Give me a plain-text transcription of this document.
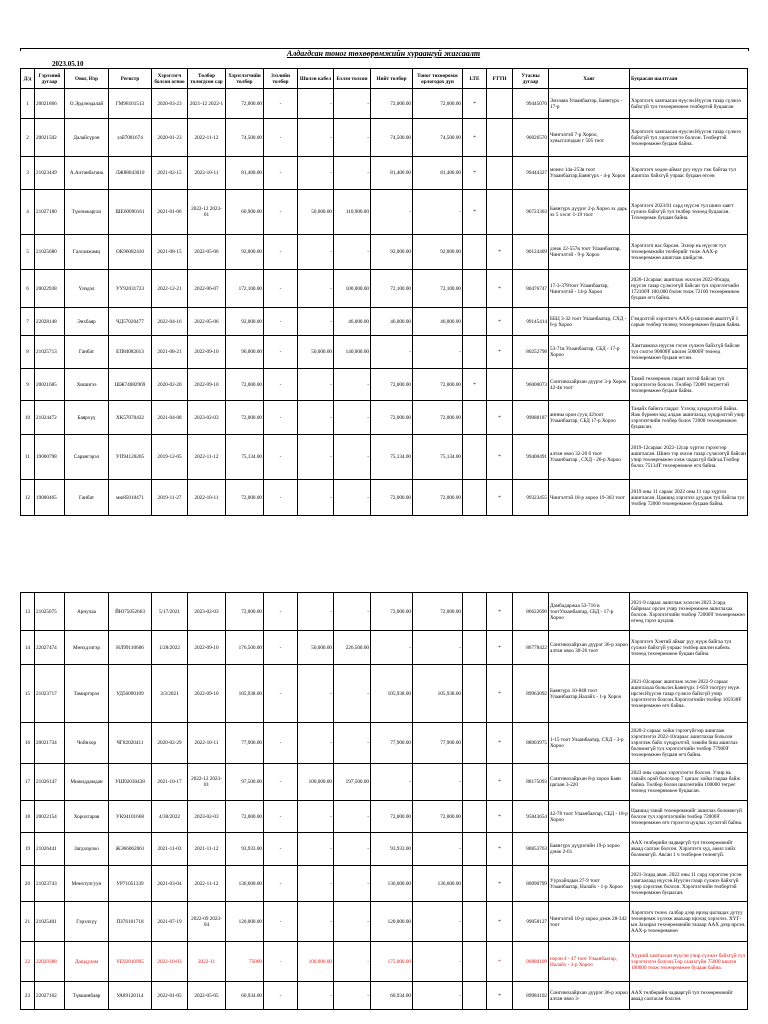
Алдагдсан тоног төхөөрөмжийн хураангуй жагсаалт
2023.05.10
Д/д	Гэрээний дугаар	Овог, Нэр	Регистр	Хэрэглэгч болсон огноо	Төлбөр төлөгдсөн сар	Хэрэглэгчийн төлбөр	Зээлийн төлбөр	Шилэн кабел	Бэлэн төлсөн	Нийт төлбөр	Тоног төхөөрөмж орлогодох дүн	LTE	FTTH	Утасны дугаар	Хаяг	Буцаасан шалтгаан
1	20021866	О.Эрдэнэдалай	ГМ98101513	2020-03-23	2021-12 2022-1	72,000.00	-	-	-	72,000.00	72,000.00	*		99445070	Энхзаяа Улаанбаатар, Баянгүрх - 17-р	Хэрэглэгч хамтаасан нүүсэн.Нүүсэн газар сүлжээ байхгүй тул төхөөрөмжөө төлбөртэй буцаасан
2	20021502	Далайсүрэн	хэй7081674	2020-01-23	2022-11-12	74,500.00	-	-	-	74,500.00	74,500.00	*		96026570	Чингэлтэй 7-р Хороо, хувьсгалчдын г 505 тоот	Хэрэглэгч хамтаасан нүүсэн.Нүүсэн газар сүлжээ байхгүй тул хэрэглээгээ болсон. Төлбөртэй төхөөрөмжөө буцаан байна.
3	21023449	А.Алтанбагана	ЛЖ88043010	2021-02-15	2022-10-11	81,400.00	-	-	-	81,400.00	81,400.00	*		99444327	монел 14а-253в тоот Улаанбаатар,Баянгүрх - 4-р Хороо	Хэрэглэгч хөдөө аймаг руу нүүх гэж байгаа тул ашиглах байхгүй учраас буцаан өгсөн
4	21027180	Түмэнжаргал	ШЕ60090161	2021-01-06	2022-12 2023-01	60,900.00	-	50,000.00	110,900.00	-	-	*		96723303	Баянгүрх дүүрэг 2-р Хороо эх дарь эх 5 хэсэг 1-19 тоот	Хэрэглэгч 2023/01 сард нүүсэн тул шинэ хаягт сүлжээ байхгүй тул төлбөр төлөөд буцаасан. Төхөөрөмж буцаан байна.
5	21025680	Галсанжамц	ОК96082410	2021-08-15	2022-05-06	92,000.00	-	-	-	92,000.00	92,000.00		*	90124409	дэнж 22-557в тоот Улаанбаатар, Чингэлтэй - 9-р Хороо	Хэрэглэгч нас барсан. Эхнэр нь нүүсэн тул төхөөрөмжийн төлбөрийг төлж ААХ-р төхөөрөмжөө ашиглаж шийдсэн.
6	20022938	Үнэдэл	УУ92031723	2022-12-21	2022-06-07	172,100.00	-	-	100,000.00	72,100.00	72,100.00		*	80476747	17-3-378тоот Улаанбаатар, Чингэлтэй - 14-р Хороо	2020-12сараас ашиглаж эхэлсэн 2022-06сард нүүсэн газар сүлжээгүй байсан тул хэрэглэгчийн 172100₮ 100,000 бэлэн төлж 72100 төхөөрөмжөө буцаан өгч байна.
7	22028148	Энхбаяр	ЧД57020477	2022-04-16	2022-05-06	92,000.00	-	-	46,000.00	46,000.00	46,000.00		*	99145414	ББЦ 3-32 тоот Улаанбаатар, СХД - 6-р Хороо	Гэмдолтэй хэрэглэгч ААХ-р шилжин авалтгүй 1 сарын төлбөр төлөөд төхөөрөмжөө буцаан байна.
8	21025713	Ганбат	ЕП84082013	2021-08-21	2022-09-10	90,000.00	-	50,000.00	140,000.00	-	-		*	80252798	53-71в Улаанбаатар, СБД - 17-р Хороо	Хамтаамаха нүүсэн гэсэн сүлжээ байхгүй байсан тул сэлгээ 90000₮ шилэн 50000₮ төлөөд төхөөрөмжөө буцаан өгсөн.
9	20021685	Хишигээ	ШЖ74082969	2020-02-20	2022-09-10	72,000.00	-	-	-	72,000.00	72,000.00	*		96000073	Сонгинохайрхан дүүрэг 3-р Хороо 42-4в тоот	Танай төхөөрөмж гацаат ихтэй байсан тул хэрэглээгээ болсон. Төлбөр 72000 төгрөгтэй төхөөрөмжөө буцаан байна.
10	21024472	Баярхүү	ХК57070432	2021-04-08	2023-02-03	72,000.00	-	-	-	72,000.00	72,000.00		*	99088187	аннны орон сууц 42тоот Улаанбаатар, СБД 17-р Хороо	Танайх байнга гацдаг. Үзэхэд хүндрэлтэй байна. Яаж бүрмөн код алдаж ашиглахад хүндрэлтэй учир хэрэглэгчийн төлбөр болох 72000 төхөөрөмжөө буцаасан.
11	19000798	Сарангэрэл	УП94120205	2019-12-05	2022-11-12	75,134.00	-	-	-	75,134.00	75,134.00		*	99400491	алтан овоо 32-20 б тоот Улаанбаатар , СХД - 26-р Хороо	2019-12сараас 2022-12сар хүртэл гэрээгээр ашигласан. Шинэ тэр очсон газар сүлжээгүй байсан учир төхөөрөмжөө хэлж чадахгүй байгаа.Төлбөр болох 75134₮ төхөөрөмжөө өгч байна.
12	19000465	Ганбат	мю85010471	2019-11-27	2022-10-11	72,000.00	-	-	-	72,000.00	72,000.00		*	99323455	Чингэлтэй 18-р хороо 19-303 тоот	2019 оны 11 сараас 2022 оны 11 сар хүртэл ашигласан. Цаашид хэрэглээ дуудаж тул байгаа тул төлбөр 72000 төхөөрөмжөө буцаан байна.
13	21025075	Арнучаа	ЙЮ75052663	5/17/2021	2023-02-03	72,000.00	-	-	-	72,000.00	72,000.00		*	86622690	Дамбадаржаа 53-716 в тоотУлаанбаатар, СБД - 17-р Хороо	2021-9 сараас ашиглаж эхэлсэн 2023 2сард байрнаас орсон учир төхөөрөмжөө ашиглахаа болсон. Хэрэглэгчийн төлбөр 72000₮ төхөөрөмжөө өгөөд гэрээ цуцлав.
14	22027474	Мөнхдэлгэр	НЛ99110606	1/28/2022	2022-09-10	176,500.00	-	50,000.00	226,500.00	-	-		*	86778422	Сонгинохайрхан дүүрэг 36-р хороо алтан овоо 30-26 тоот	Хэрэглэгч Хэнтий аймаг руу нүүж байгаа тул сүлжээ байхгүй учраас төлбөр шилэн кабель төлөөд төхөөрөмжөө буцаан байна.
15	21023717	Тамиргэрэл	УД56090109	3/3/2021	2022-09-10	105,938.00	-	-	-	105,938.00	105,938.00		*	89963092	Баянгүрх 10-848 тоот Улаанбаатар,Налайх - 1-р Хороо	2021-03сараас ашиглаж эхлэн 2022-9 сараас ашиглахаа больсон.Баянгүрх 1-659 тоотруу нүүж ирсэн.Нүүсэн газар сүлжээ байхгүй учир хэрэглээгээ болсон.Хэрэглэгчийн төлбөр 105938₮ төхөөрөмжөө өгч байна.
16	20021734	Чойнхор	ЧГ82020411	2020-02-29	2022-10-11	77,900.00	-	-	-	77,900.00	77,900.00		*	88003975	1-15 тоот Улаанбаатар, СХД - 3-р Хороо	2020-2 сараас хойш гэрээгүйгээр ашиглаж хэрэглээгээ 2022-10сараас ашиглахаа больсон хэрэглэж байх хүндрэлтэй, хэвийн биш ашиглах боломжгүй тул хэрэглэгчийн төлбөр 77900₮ төхөөрөмжөө буцаан өгч байна.
17	21026147	Мижиддамдан	УШ92030438	2021-10-17	2022-12 2023-01	97,500.00	-	100,000.00	197,500.00	-	-		*	88175093	Сонгинохайрхан 8-р хороо Баян цагаан 3-220	2023 оны сараас хэрэглээгээ болсон. Учир нь танайх орой болохоор 7 цагаас хойш гацааа байж байна. Төлбөр болон шилэнгийн 100000 төгрөг төлөөд төхөөрөмжөө буцаасан.
18	20022154	Хоролгарав	УК94101668	4/30/2022	2023-02-03	72,000.00	-	-	-	72,000.00	72,000.00		*	95843654	42-78 тоот Улаанбаатар, СБД - 18-р Хороо	Цаашид танай төхөөрөмжийг ашиглах боломжгүй болсон тул хэрэглэгчийн төлбөр 72000₮ төхөөрөмжөө өгч гэрээгээ цуцлах хүсэлтэй байна.
19	21026441	Загдхорлоо	ЖЭ66062061	2021-11-03	2021-11-12	93,933.00	-	-	-	93,933.00	-		*	88853763	Баянгүрх дүүрэгийн 19-р хороо дэнж 2-61	ААХ төлбөрийн чадваргүй тул төхөөрөмжийг аваад салгаж болсон. Хэрэглэгч худ, ажил хийх боломжгүй. Авсан 1 ч төлбөрөө төлөөгүй.
20	21023743	Мөнхтулгуун	УР71051339	2021-03-04	2022-11-12	136,600.00	-	-	-	136,600.00	136,600.00		*	80090799	Уурхайчдын 27-9 тоот Улаанбаатар, Налайх - 1-р Хороо	2021-3сард аван. 2022 оны 11 сард хэрэглэж үзсэн хамгаалаад нүүсэн.Нүүсэн газар сүлжээ байхгүй учир хэрэглэж болсон. Хэрэглэгчийн төлбөртэй төхөөрөмжөө буцаасан.
21	21025401	Гэрэлхүү	ПЗ76101718	2021-07-19	2022-09 2023-04	120,000.00	-	-	-	120,000.00	-		*	99058127	Чингэлтэй 10-р хороо дэнж 28-342 тоот	Хэрэглэгч төлөх салбар дээр ирээд цагладах дутуу төхөөрөмж хүлээж авахаар ирэхэд хэрэглээ. ХҮГ-ын Захирал төхөөрөмжийн талаар ААХ дээр ирсэн. ААХ-р төхөөрөмжөө
22	22029388	Дашдулам	УЕ92010905	2022-10-03	2022-11	75000	-	100,000.00	-	175,000.00	-		*	90880109	нэрэн 4 - 47 тоот Улаанбаатар, Налайх - 3-р Хороо	Хүүний хамтаасан нүүсэн учир сүлжээ байхгүй тул хэрэглээгээ болсон.Төр салахгүйн 75000 шилэн 100000 төлж төхөөрөмжөө буцаан байна.
23	22027162	Түвшинбаяр	УА89120114	2022-01-05	2022-05-05	60,934.00	-	-	-	60,934.00	-		*	89984102	Сонгинохайрхан дүүрэг 36-р хороо алтан овоо 3-	ААХ төлбөрийн чадваргүй тул төхөөрөмжийг аваад салгасан болсон.
